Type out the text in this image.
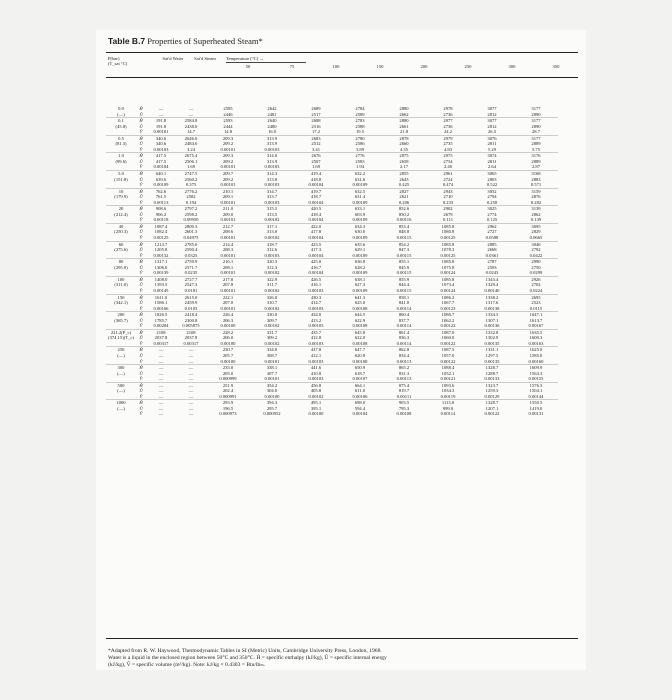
Table B.7 Properties of Superheated Steam*
P(bar)
(T_sat °C)
Sat'd Water	Sat'd Steam	Temperature (°C) →
50	75	100	150	200	250	300	350
0.0	Ĥ	—	—	2595	2642	2689	2784	2880	2978	3077	3177
(—)	Û	—	—	2446	2481	2517	2589	2662	2736	2812	2890
0.1	Ĥ	191.8	2584.8	2593	2640	2688	2783	2880	2977	3077	3177
(45.8)	Û	191.8	2438.0	2444	2480	2516	2588	2661	2736	2812	2890
	V̂	0.00101	14.7	14.8	16.0	17.2	19.5	21.8	24.2	26.5	28.7
0.5	Ĥ	340.6	2646.0	209.3	313.9	2683	2780	2878	2979	3076	3177
(81.3)	Û	340.6	2484.0	209.2	313.9	2512	2586	2660	2735	2811	2889
	V̂	0.00103	3.24	0.00101	0.00103	3.41	3.89	4.35	4.83	5.29	5.75
1.0	Ĥ	417.5	2675.4	209.3	314.0	2676	2776	2875	2975	3074	3176
(99.6)	Û	417.5	2506.1	209.2	313.9	2507	2583	2658	2734	2811	2889
	V̂	0.00104	1.69	0.00101	0.00103	1.69	1.94	2.17	2.40	2.64	2.87
5.0	Ĥ	640.1	2747.5	209.7	314.3	419.4	632.2	2855	2961	3065	3168
(151.8)	Û	639.6	2560.2	209.2	313.8	418.8	631.6	2643	2724	2803	2883
	V̂	0.00109	0.375	0.00101	0.00103	0.00104	0.00109	0.425	0.474	0.522	0.571
10	Ĥ	762.6	2776.2	210.1	314.7	419.7	632.5	2827	2943	3052	3159
(179.9)	Û	761.5	2582	209.1	313.7	418.7	631.4	2621	2710	2794	2876
	V̂	0.00113	0.194	0.00101	0.00103	0.00104	0.00109	0.206	0.233	0.258	0.282
20	Ĥ	908.6	2797.2	211.0	315.5	420.5	633.1	852.6	2902	3025	3139
(212.4)	Û	906.2	2598.2	209.0	313.5	418.4	603.9	850.2	2679	2774	2862
	V̂	0.00118	0.09950	0.00101	0.00102	0.00104	0.00109	0.00116	0.111	0.125	0.139
40	Ĥ	1087.4	2800.3	212.7	317.1	422.0	634.3	853.4	1085.8	2962	3095
(250.3)	Û	1082.4	2601.3	208.6	313.0	417.8	630.0	848.8	1080.8	2727	2829
	V̂	0.00125	0.04975	0.00101	0.00102	0.00104	0.00109	0.00115	0.00125	0.0588	0.0665
60	Ĥ	1213.7	2785.0	214.4	318.7	423.5	635.6	854.2	1085.8	2885	3046
(275.6)	Û	1205.8	2590.4	208.3	312.6	417.3	629.1	847.3	1078.3	2668	2792
	V̂	0.00132	0.0325	0.00101	0.00103	0.00104	0.00109	0.00115	0.00125	0.0361	0.0422
80	Ĥ	1317.1	2759.9	216.1	320.3	425.0	636.8	855.1	1085.8	2787	2990
(295.0)	Û	1306.0	2571.7	208.1	312.3	416.7	628.2	845.9	1075.8	2593	2750
	V̂	0.00139	0.0235	0.00101	0.00102	0.00104	0.00109	0.00115	0.00124	0.0243	0.0299
100	Ĥ	1408.0	2727.7	217.8	322.9	426.5	638.1	855.9	1085.8	1343.4	2926
(311.0)	Û	1393.5	2547.3	207.8	311.7	416.1	627.3	844.4	1073.4	1329.4	2702
	V̂	0.00145	0.0181	0.00101	0.00102	0.00103	0.00109	0.00115	0.00124	0.00140	0.0224
150	Ĥ	1611.0	2615.0	222.1	326.0	430.3	641.3	858.1	1086.2	1338.2	2695
(342.1)	Û	1586.1	2459.9	207.0	310.7	414.7	625.0	841.0	1067.7	1317.6	2523
	V̂	0.00166	0.0103	0.00101	0.00102	0.00103	0.00108	0.00114	0.00123	0.00138	0.0115
200	Ĥ	1826.5	2418.4	226.4	330.0	434.0	644.5	860.4	1086.7	1334.3	1647.1
(365.7)	Û	1785.7	2300.8	206.3	309.7	413.2	622.9	837.7	1062.2	1307.1	1613.7
	V̂	0.00204	0.005875	0.00100	0.00102	0.00103	0.00108	0.00114	0.00122	0.00136	0.00167
221.2(P_c)	Ĥ	2108	2108	228.2	331.7	435.7	645.8	861.4	1087.0	1332.8	1635.5
(374.15)(T_c)	Û	2037.8	2037.8	206.0	309.2	412.8	622.0	836.3	1060.0	1302.9	1600.3
	V̂	0.00317	0.00317	0.00100	0.00102	0.00103	0.00108	0.00114	0.00122	0.00135	0.00163
250	Ĥ	—	—	230.7	334.0	437.8	647.7	862.8	1087.5	1331.1	1625.0
(—)	Û	—	—	205.7	308.7	412.1	620.8	834.4	1057.0	1297.5	1585.0
	V̂	—	—	0.00100	0.00101	0.00103	0.00108	0.00113	0.00122	0.00135	0.00160
300	Ĥ	—	—	235.0	338.1	441.6	650.9	865.2	1088.4	1328.7	1609.9
(—)	Û	—	—	205.0	307.7	410.8	618.7	831.3	1052.1	1288.7	1563.3
	V̂	—	—	0.000999	0.00101	0.00103	0.00107	0.00113	0.00121	0.00133	0.00155
500	Ĥ	—	—	251.9	354.2	456.8	664.1	875.4	1093.6	1323.7	1576.3
(—)	Û	—	—	202.4	304.0	405.8	611.0	819.7	1034.3	1259.3	1504.1
	V̂	—	—	0.000991	0.00100	0.00102	0.00106	0.00111	0.00119	0.00129	0.00144
1000	Ĥ	—	—	293.9	394.3	495.1	698.0	903.5	1113.0	1328.7	1550.5
(—)	Û	—	—	196.5	295.7	395.1	594.4	795.3	999.0	1207.1	1419.0
	V̂	—	—	0.000973	0.000952	0.00100	0.00104	0.00108	0.00114	0.00122	0.00131
*Adapted from R. W. Haywood, Thermodynamic Tables in SI (Metric) Units, Cambridge University Press, London, 1968.
Water is a liquid in the enclosed region between 50°C and 350°C. Ĥ = specific enthalpy (kJ/kg), Û = specific internal energy
(kJ/kg), V̂ = specific volume (m³/kg). Note: kJ/kg × 0.4303 = Btu/lbₘ.
